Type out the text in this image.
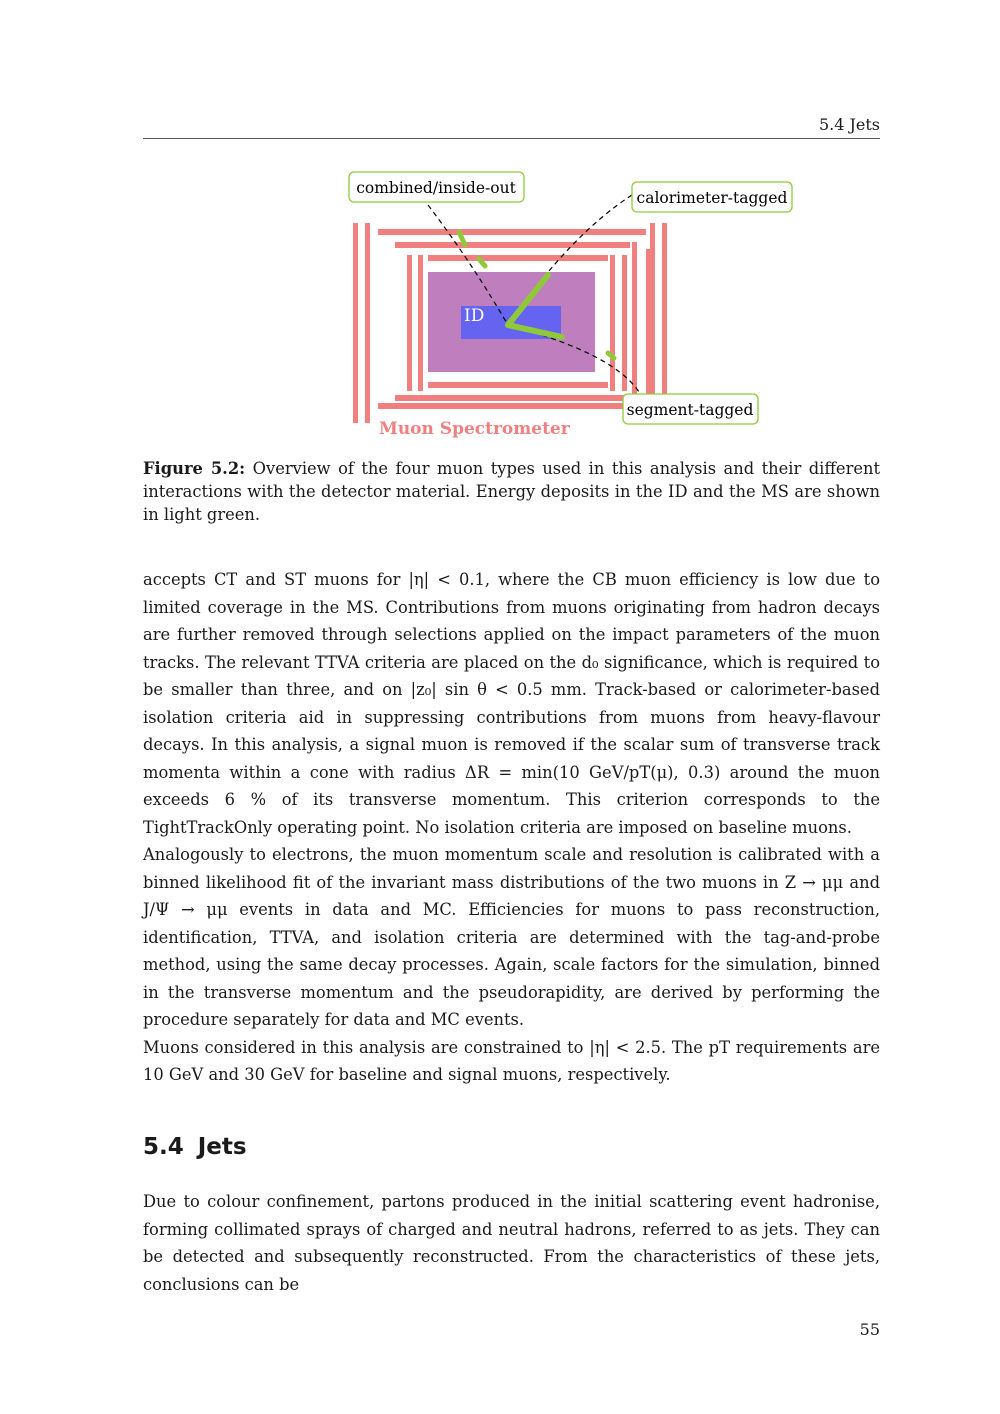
5.4 Jets
ID
combined/inside-out
calorimeter-tagged
segment-tagged
Muon Spectrometer
Figure 5.2: Overview of the four muon types used in this analysis and their different interactions with the detector material. Energy deposits in the ID and the MS are shown in light green.

accepts CT and ST muons for |η| < 0.1, where the CB muon efficiency is low due to limited coverage in the MS. Contributions from muons originating from hadron decays are further removed through selections applied on the impact parameters of the muon tracks. The relevant TTVA criteria are placed on the d₀ significance, which is required to be smaller than three, and on |z₀| sin θ < 0.5 mm. Track-based or calorimeter-based isolation criteria aid in suppressing contributions from muons from heavy-flavour decays. In this analysis, a signal muon is removed if the scalar sum of transverse track momenta within a cone with radius ΔR = min(10 GeV/pT(μ), 0.3) around the muon exceeds 6 % of its transverse momentum. This criterion corresponds to the TightTrackOnly operating point. No isolation criteria are imposed on baseline muons.

Analogously to electrons, the muon momentum scale and resolution is calibrated with a binned likelihood fit of the invariant mass distributions of the two muons in Z → μμ and J/Ψ → μμ events in data and MC. Efficiencies for muons to pass reconstruction, identification, TTVA, and isolation criteria are determined with the tag-and-probe method, using the same decay processes. Again, scale factors for the simulation, binned in the transverse momentum and the pseudorapidity, are derived by performing the procedure separately for data and MC events.

Muons considered in this analysis are constrained to |η| < 2.5. The pT requirements are 10 GeV and 30 GeV for baseline and signal muons, respectively.

5.4 Jets

Due to colour confinement, partons produced in the initial scattering event hadronise, forming collimated sprays of charged and neutral hadrons, referred to as jets. They can be detected and subsequently reconstructed. From the characteristics of these jets, conclusions can be

55
